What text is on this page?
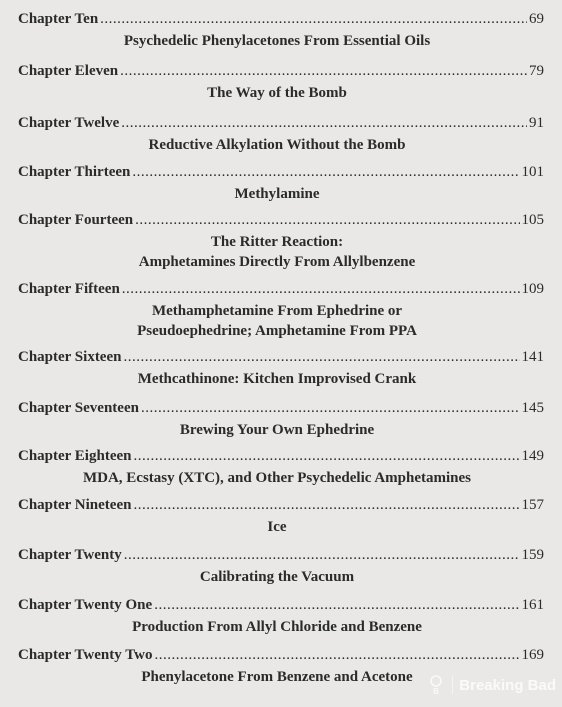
Chapter Ten .....	69
Psychedelic Phenylacetones From Essential Oils
Chapter Eleven .....	79
The Way of the Bomb
Chapter Twelve .....	91
Reductive Alkylation Without the Bomb
Chapter Thirteen .....	101
Methylamine
Chapter Fourteen .....	105
The Ritter Reaction:
Amphetamines Directly From Allylbenzene
Chapter Fifteen .....	109
Methamphetamine From Ephedrine or
Pseudoephedrine; Amphetamine From PPA
Chapter Sixteen .....	141
Methcathinone: Kitchen Improvised Crank
Chapter Seventeen .....	145
Brewing Your Own Ephedrine
Chapter Eighteen .....	149
MDA, Ecstasy (XTC), and Other Psychedelic Amphetamines
Chapter Nineteen .....	157
Ice
Chapter Twenty .....	159
Calibrating the Vacuum
Chapter Twenty One .....	161
Production From Allyl Chloride and Benzene
Chapter Twenty Two .....	169
Phenylacetone From Benzene and Acetone
B Breaking Bad
